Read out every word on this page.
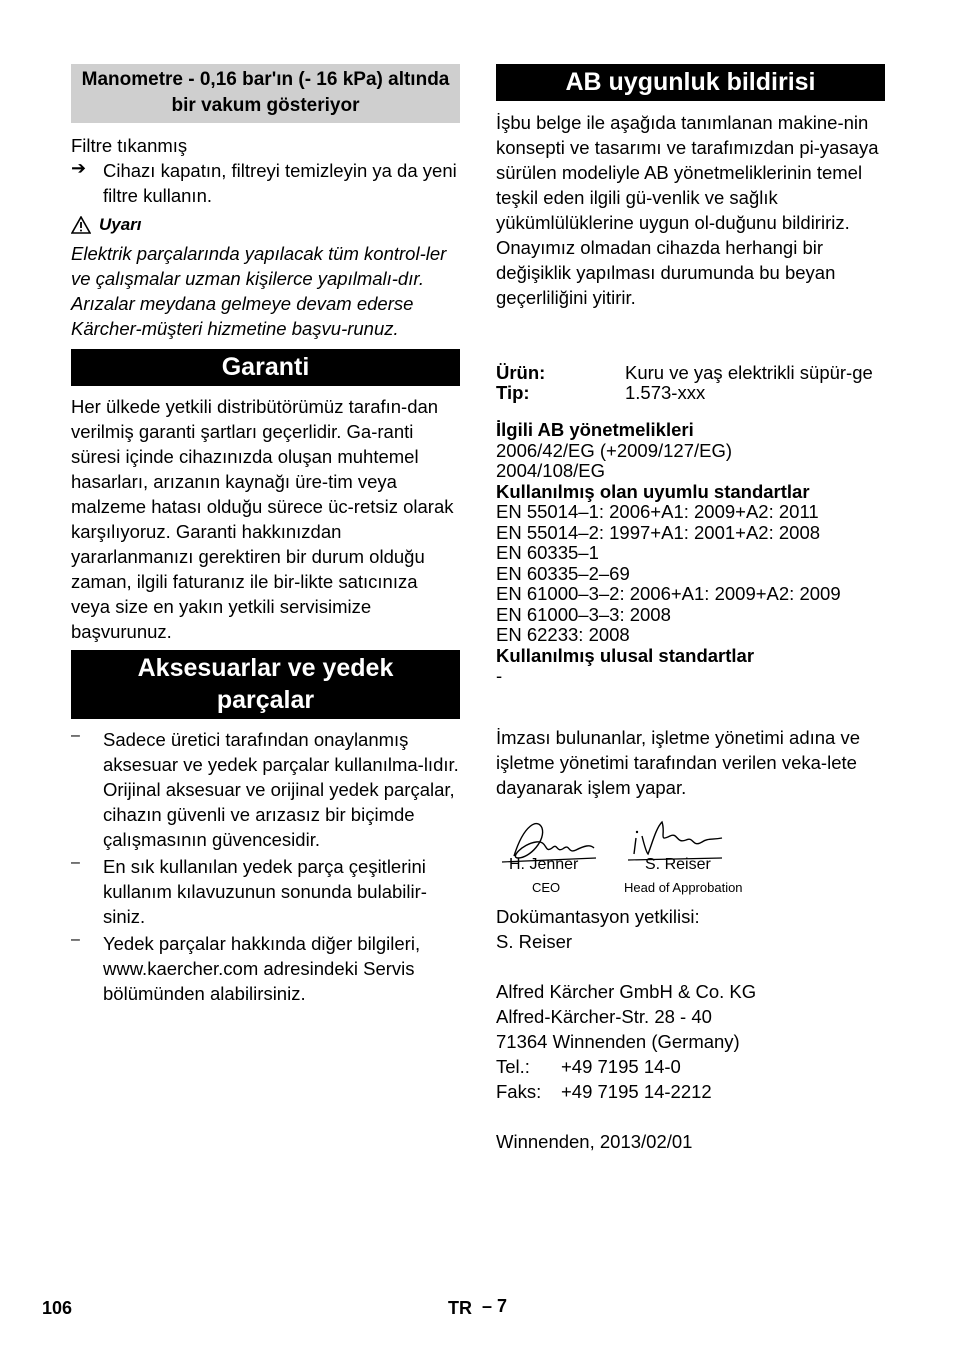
Manometre - 0,16 bar'ın (- 16 kPa) altında bir vakum gösteriyor

Filtre tıkanmış

➔ Cihazı kapatın, filtreyi temizleyin ya da yeni filtre kullanın.

Uyarı

Elektrik parçalarında yapılacak tüm kontrol-ler ve çalışmalar uzman kişilerce yapılmalı-dır. Arızalar meydana gelmeye devam ederse Kärcher-müşteri hizmetine başvu-runuz.

Garanti

Her ülkede yetkili distribütörümüz tarafın-dan verilmiş garanti şartları geçerlidir. Ga-ranti süresi içinde cihazınızda oluşan muhtemel hasarları, arızanın kaynağı üre-tim veya malzeme hatası olduğu sürece üc-retsiz olarak karşılıyoruz. Garanti hakkınızdan yararlanmanızı gerektiren bir durum olduğu zaman, ilgili faturanız ile bir-likte satıcınıza veya size en yakın yetkili servisimize başvurunuz.

Aksesuarlar ve yedek
parçalar
–	Sadece üretici tarafından onaylanmış aksesuar ve yedek parçalar kullanılma-lıdır. Orijinal aksesuar ve orijinal yedek parçalar, cihazın güvenli ve arızasız bir biçimde çalışmasının güvencesidir.

–	En sık kullanılan yedek parça çeşitlerini kullanım kılavuzunun sonunda bulabilir-siniz.

–	Yedek parçalar hakkında diğer bilgileri, www.kaercher.com adresindeki Servis bölümünden alabilirsiniz.

AB uygunluk bildirisi

İşbu belge ile aşağıda tanımlanan makine-nin konsepti ve tasarımı ve tarafımızdan pi-yasaya sürülen modeliyle AB yönetmeliklerinin temel teşkil eden ilgili gü-venlik ve sağlık yükümlülüklerine uygun ol-duğunu bildiririz. Onayımız olmadan cihazda herhangi bir değişiklik yapılması durumunda bu beyan geçerliliğini yitirir.

Ürün:	Kuru ve yaş elektrikli süpür-ge

Tip:	1.573-xxx

İlgili AB yönetmelikleri

2006/42/EG (+2009/127/EG)

2004/108/EG

Kullanılmış olan uyumlu standartlar

EN 55014–1: 2006+A1: 2009+A2: 2011

EN 55014–2: 1997+A1: 2001+A2: 2008

EN 60335–1

EN 60335–2–69

EN 61000–3–2: 2006+A1: 2009+A2: 2009

EN 61000–3–3: 2008

EN 62233: 2008

Kullanılmış ulusal standartlar

-

İmzası bulunanlar, işletme yönetimi adına ve işletme yönetimi tarafından verilen veka-lete dayanarak işlem yapar.

H. Jenner
CEO
S. Reiser
Head of Approbation

Dokümantasyon yetkilisi:

S. Reiser

Alfred Kärcher GmbH & Co. KG

Alfred-Kärcher-Str. 28 - 40

71364 Winnenden (Germany)

Tel.:	+49 7195 14-0

Faks:	+49 7195 14-2212

Winnenden, 2013/02/01

106	TR – 7
